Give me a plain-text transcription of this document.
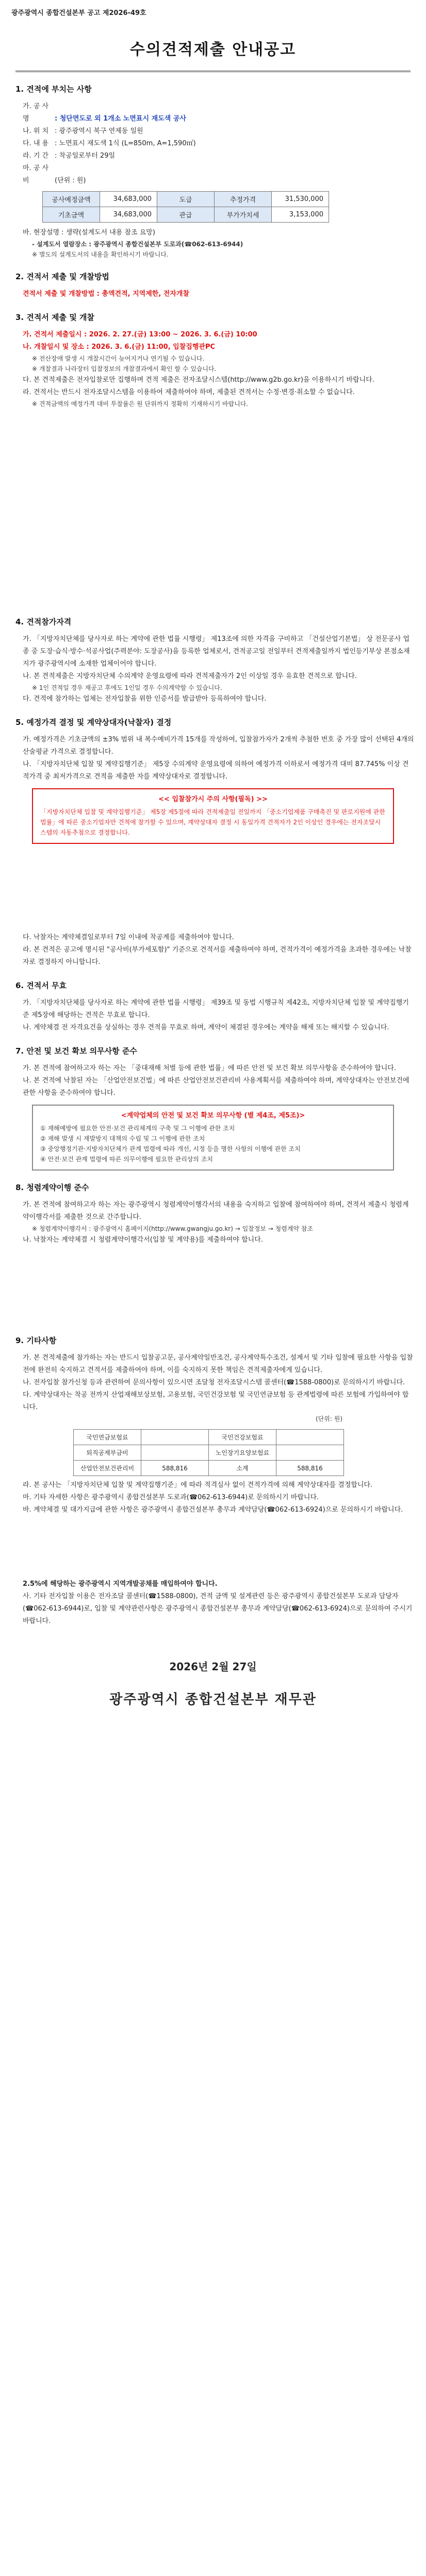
광주광역시 종합건설본부 공고 제2026-49호
수의견적제출 안내공고
1. 견적에 부치는 사항
가. 공 사 명	: 청단면도로 외 1개소 노면표시 재도색 공사
나. 위 치 : 광주광역시 북구 연제동 일원
다. 내 용 : 노면표시 재도색 1식 (L=850m, A=1,590㎡)
라. 기 간 : 착공일로부터 29일
마. 공 사 비	(단위 : 원)
공사예정금액	34,683,000	도급	추정가격	31,530,000
기초금액	34,683,000	관급	부가가치세	3,153,000
바. 현장설명 : 생략(설계도서 내용 참조 요망)
- 설계도서 열람장소 : 광주광역시 종합건설본부 도로과(☎062-613-6944)
※ 별도의 설계도서의 내용을 확인하시기 바랍니다.
2. 견적서 제출 및 개찰방법
견적서 제출 및 개찰방법 : 총액견적, 지역제한, 전자개찰
3. 견적서 제출 및 개찰
가. 견적서 제출일시 : 2026. 2. 27.(금) 13:00 ~ 2026. 3. 6.(금) 10:00
나. 개찰일시 및 장소 : 2026. 3. 6.(금) 11:00, 입찰집행관PC
※ 전산장애 발생 시 개찰시간이 늦어지거나 연기될 수 있습니다.
※ 개찰결과 나라장터 입찰정보의 개찰결과에서 확인 할 수 있습니다.
다. 본 견적제출은 전자입찰로만 집행하며 견적 제출은 전자조달시스템(http://www.g2b.go.kr)을 이용하시기 바랍니다.
라. 견적서는 반드시 전자조달시스템을 이용하여 제출하여야 하며, 제출된 견적서는 수정·변경·취소할 수 없습니다.
※ 견적금액의 예정가격 대비 투찰률은 원 단위까지 정확히 기재하시기 바랍니다.
4. 견적참가자격
가. 「지방자치단체를 당사자로 하는 계약에 관한 법률 시행령」 제13조에 의한 자격을 구비하고 「건설산업기본법」 상 전문공사 업종 중 도장·습식·방수·석공사업(주력분야: 도장공사)을 등록한 업체로서, 견적공고일 전일부터 견적제출일까지 법인등기부상 본점소재지가 광주광역시에 소재한 업체이어야 합니다.
나. 본 견적제출은 지방자치단체 수의계약 운영요령에 따라 견적제출자가 2인 이상일 경우 유효한 견적으로 합니다.
※ 1인 견적일 경우 재공고 후에도 1인일 경우 수의계약할 수 있습니다.
다. 견적에 참가하는 업체는 전자입찰을 위한 인증서를 발급받아 등록하여야 합니다.
5. 예정가격 결정 및 계약상대자(낙찰자) 결정
가. 예정가격은 기초금액의 ±3% 범위 내 복수예비가격 15개를 작성하여, 입찰참가자가 2개씩 추첨한 번호 중 가장 많이 선택된 4개의 산술평균 가격으로 결정합니다.
나. 「지방자치단체 입찰 및 계약집행기준」 제5장 수의계약 운영요령에 의하여 예정가격 이하로서 예정가격 대비 87.745% 이상 견적가격 중 최저가격으로 견적을 제출한 자를 계약상대자로 결정합니다.
<< 입찰참가시 주의 사항(필독) >>
「지방자치단체 입찰 및 계약집행기준」 제5장 제5절에 따라 견적제출일 전일까지 「중소기업제품 구매촉진 및 판로지원에 관한 법률」에 따른 중소기업자만 견적에 참가할 수 있으며, 계약상대자 결정 시 동일가격 견적자가 2인 이상인 경우에는 전자조달시스템의 자동추첨으로 결정합니다.
다. 낙찰자는 계약체결일로부터 7일 이내에 착공계를 제출하여야 합니다.
라. 본 견적은 공고에 명시된 "공사비(부가세포함)" 기준으로 견적서를 제출하여야 하며, 견적가격이 예정가격을 초과한 경우에는 낙찰자로 결정하지 아니합니다.
6. 견적서 무효
가. 「지방자치단체를 당사자로 하는 계약에 관한 법률 시행령」 제39조 및 동법 시행규칙 제42조, 지방자치단체 입찰 및 계약집행기준 제5장에 해당하는 견적은 무효로 합니다.
나. 계약체결 전 자격요건을 상실하는 경우 견적을 무효로 하며, 계약이 체결된 경우에는 계약을 해제 또는 해지할 수 있습니다.
7. 안전 및 보건 확보 의무사항 준수
가. 본 견적에 참여하고자 하는 자는 「중대재해 처벌 등에 관한 법률」에 따른 안전 및 보건 확보 의무사항을 준수하여야 합니다.
나. 본 견적에 낙찰된 자는 「산업안전보건법」에 따른 산업안전보건관리비 사용계획서를 제출하여야 하며, 계약상대자는 안전보건에 관한 사항을 준수하여야 합니다.
<계약업체의 안전 및 보건 확보 의무사항 (별 제4조, 제5조)>
① 재해예방에 필요한 안전·보건 관리체계의 구축 및 그 이행에 관한 조치
② 재해 발생 시 재발방지 대책의 수립 및 그 이행에 관한 조치
③ 중앙행정기관·지방자치단체가 관계 법령에 따라 개선, 시정 등을 명한 사항의 이행에 관한 조치
④ 안전·보건 관계 법령에 따른 의무이행에 필요한 관리상의 조치
8. 청렴계약이행 준수
가. 본 견적에 참여하고자 하는 자는 광주광역시 청렴계약이행각서의 내용을 숙지하고 입찰에 참여하여야 하며, 견적서 제출시 청렴계약이행각서를 제출한 것으로 간주합니다.
※ 청렴계약이행각서 : 광주광역시 홈페이지(http://www.gwangju.go.kr) → 입찰정보 → 청렴계약 참조
나. 낙찰자는 계약체결 시 청렴계약이행각서(입찰 및 계약용)를 제출하여야 합니다.
9. 기타사항
가. 본 견적제출에 참가하는 자는 반드시 입찰공고문, 공사계약일반조건, 공사계약특수조건, 설계서 및 기타 입찰에 필요한 사항을 입찰전에 완전히 숙지하고 견적서를 제출하여야 하며, 이를 숙지하지 못한 책임은 견적제출자에게 있습니다.
나. 전자입찰 참가신청 등과 관련하여 문의사항이 있으시면 조달청 전자조달시스템 콜센터(☎1588-0800)로 문의하시기 바랍니다.
다. 계약상대자는 착공 전까지 산업재해보상보험, 고용보험, 국민건강보험 및 국민연금보험 등 관계법령에 따른 보험에 가입하여야 합니다.
(단위: 원)
국민연금보험료		국민건강보험료	
퇴직공제부금비		노인장기요양보험료	
산업안전보건관리비	588,816	소계	588,816
라. 본 공사는 「지방자치단체 입찰 및 계약집행기준」에 따라 적격심사 없이 견적가격에 의해 계약상대자를 결정합니다.
마. 기타 자세한 사항은 광주광역시 종합건설본부 도로과(☎062-613-6944)로 문의하시기 바랍니다.
바. 계약체결 및 대가지급에 관한 사항은 광주광역시 종합건설본부 총무과 계약담당(☎062-613-6924)으로 문의하시기 바랍니다.
2.5%에 해당하는 광주광역시 지역개발공채를 매입하여야 합니다.
사. 기타 전자입찰 이용은 전자조달 콜센터(☎1588-0800), 견적 금액 및 설계관련 등은 광주광역시 종합건설본부 도로과 담당자(☎062-613-6944)로, 입찰 및 계약관련사항은 광주광역시 종합건설본부 총무과 계약담당(☎062-613-6924)으로 문의하여 주시기 바랍니다.
2026년 2월 27일
광주광역시 종합건설본부 재무관
